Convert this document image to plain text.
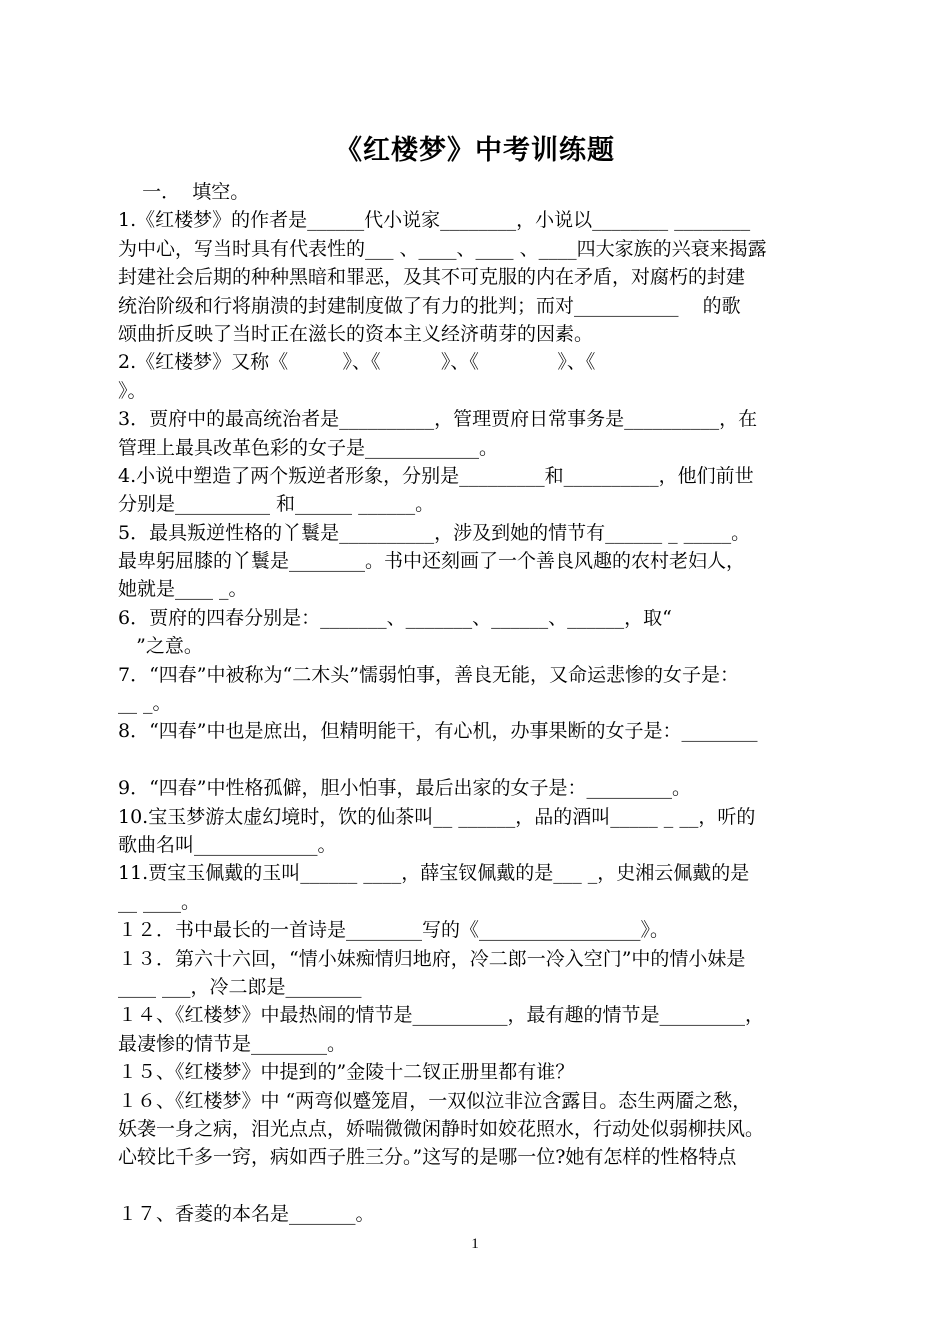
《红楼梦》中考训练题
一．  填空。
1.《红楼梦》的作者是______代小说家________，小说以________ ________
为中心，写当时具有代表性的___ 、____、____ 、____四大家族的兴衰来揭露
封建社会后期的种种黑暗和罪恶，及其不可克服的内在矛盾，对腐朽的封建
统治阶级和行将崩溃的封建制度做了有力的批判；而对___________    的歌
颂曲折反映了当时正在滋长的资本主义经济萌芽的因素。
2.《红楼梦》又称《         》、《          》、《             》、《
》。
3．贾府中的最高统治者是__________，管理贾府日常事务是__________，在
管理上最具改革色彩的女子是____________。
4.小说中塑造了两个叛逆者形象，分别是_________和__________，他们前世
分别是__________ 和______ ______。
5．最具叛逆性格的丫鬟是__________，涉及到她的情节有______ _ _____。
最卑躬屈膝的丫鬟是________。书中还刻画了一个善良风趣的农村老妇人，
她就是____ _。
6．贾府的四春分别是：_______、_______、______、______，取“
”之意。
7．“四春”中被称为“二木头”懦弱怕事，善良无能，又命运悲惨的女子是：
__ _。
8．“四春”中也是庶出，但精明能干，有心机，办事果断的女子是：________
9．“四春”中性格孤僻，胆小怕事，最后出家的女子是：_________。
10.宝玉梦游太虚幻境时，饮的仙茶叫__ ______，品的酒叫_____ _ __，听的
歌曲名叫_____________。
11.贾宝玉佩戴的玉叫______ ____，薛宝钗佩戴的是___ _，史湘云佩戴的是
__ ____。
１２．书中最长的一首诗是________写的《_________________》。
１３．第六十六回，“情小妹痴情归地府，冷二郎一冷入空门”中的情小妹是
____ ___，冷二郎是________
１４、《红楼梦》中最热闹的情节是__________，最有趣的情节是_________，
最凄惨的情节是________。
１５、《红楼梦》中提到的”金陵十二钗正册里都有谁？
１６、《红楼梦》中 “两弯似蹙笼眉，一双似泣非泣含露目。态生两靥之愁，
妖袭一身之病，泪光点点，娇喘微微闲静时如姣花照水，行动处似弱柳扶风。
心较比千多一窍，病如西子胜三分。”这写的是哪一位?她有怎样的性格特点
１７、香菱的本名是_______。
1
